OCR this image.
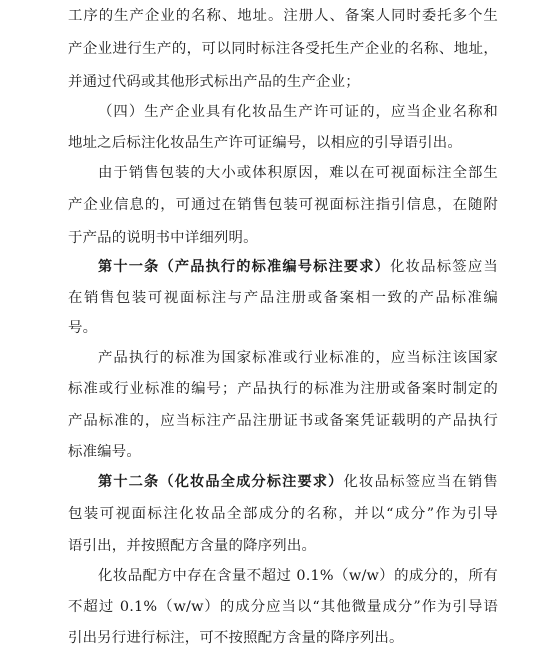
工序的生产企业的名称、地址。注册人、备案人同时委托多个生
产企业进行生产的，可以同时标注各受托生产企业的名称、地址，
并通过代码或其他形式标出产品的生产企业；
（四）生产企业具有化妆品生产许可证的，应当企业名称和
地址之后标注化妆品生产许可证编号，以相应的引导语引出。
由于销售包装的大小或体积原因，难以在可视面标注全部生
产企业信息的，可通过在销售包装可视面标注指引信息，在随附
于产品的说明书中详细列明。
第十一条（产品执行的标准编号标注要求）化妆品标签应当
在销售包装可视面标注与产品注册或备案相一致的产品标准编
号。
产品执行的标准为国家标准或行业标准的，应当标注该国家
标准或行业标准的编号；产品执行的标准为注册或备案时制定的
产品标准的，应当标注产品注册证书或备案凭证载明的产品执行
标准编号。
第十二条（化妆品全成分标注要求）化妆品标签应当在销售
包装可视面标注化妆品全部成分的名称，并以“成分”作为引导
语引出，并按照配方含量的降序列出。
化妆品配方中存在含量不超过 0.1%（w/w）的成分的，所有
不超过 0.1%（w/w）的成分应当以“其他微量成分”作为引导语
引出另行进行标注，可不按照配方含量的降序列出。
